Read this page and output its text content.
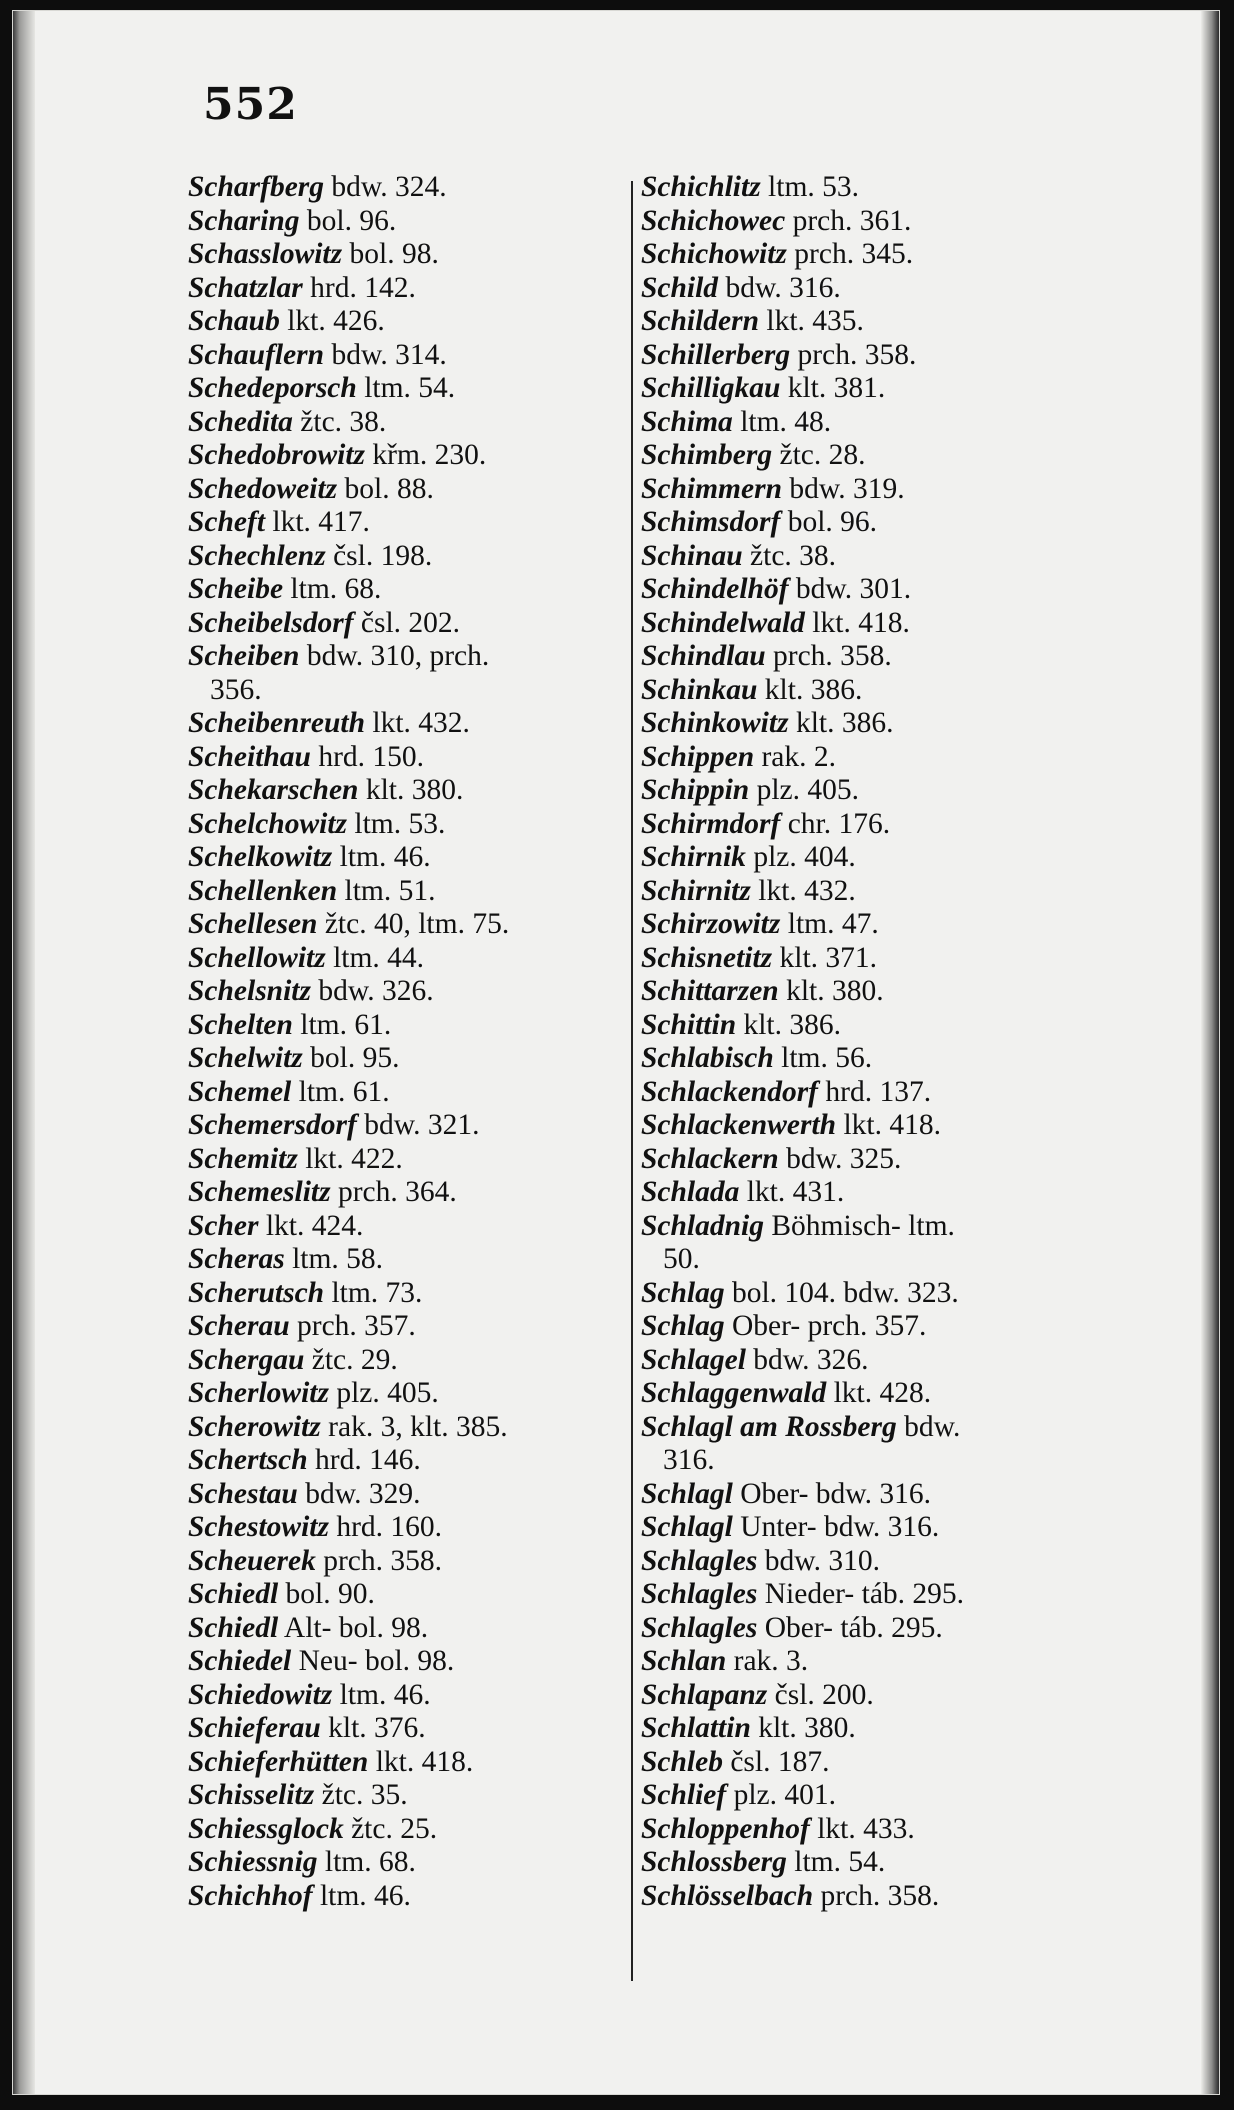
552
Scharfberg bdw. 324.
Scharing bol. 96.
Schasslowitz bol. 98.
Schatzlar hrd. 142.
Schaub lkt. 426.
Schauflern bdw. 314.
Schedeporsch ltm. 54.
Schedita žtc. 38.
Schedobrowitz křm. 230.
Schedoweitz bol. 88.
Scheft lkt. 417.
Schechlenz čsl. 198.
Scheibe ltm. 68.
Scheibelsdorf čsl. 202.
Scheiben bdw. 310, prch.
356.
Scheibenreuth lkt. 432.
Scheithau hrd. 150.
Schekarschen klt. 380.
Schelchowitz ltm. 53.
Schelkowitz ltm. 46.
Schellenken ltm. 51.
Schellesen žtc. 40, ltm. 75.
Schellowitz ltm. 44.
Schelsnitz bdw. 326.
Schelten ltm. 61.
Schelwitz bol. 95.
Schemel ltm. 61.
Schemersdorf bdw. 321.
Schemitz lkt. 422.
Schemeslitz prch. 364.
Scher lkt. 424.
Scheras ltm. 58.
Scherutsch ltm. 73.
Scherau prch. 357.
Schergau žtc. 29.
Scherlowitz plz. 405.
Scherowitz rak. 3, klt. 385.
Schertsch hrd. 146.
Schestau bdw. 329.
Schestowitz hrd. 160.
Scheuerek prch. 358.
Schiedl bol. 90.
Schiedl Alt- bol. 98.
Schiedel Neu- bol. 98.
Schiedowitz ltm. 46.
Schieferau klt. 376.
Schieferhütten lkt. 418.
Schisselitz žtc. 35.
Schiessglock žtc. 25.
Schiessnig ltm. 68.
Schichhof ltm. 46.
Schichlitz ltm. 53.
Schichowec prch. 361.
Schichowitz prch. 345.
Schild bdw. 316.
Schildern lkt. 435.
Schillerberg prch. 358.
Schilligkau klt. 381.
Schima ltm. 48.
Schimberg žtc. 28.
Schimmern bdw. 319.
Schimsdorf bol. 96.
Schinau žtc. 38.
Schindelhöf bdw. 301.
Schindelwald lkt. 418.
Schindlau prch. 358.
Schinkau klt. 386.
Schinkowitz klt. 386.
Schippen rak. 2.
Schippin plz. 405.
Schirmdorf chr. 176.
Schirnik plz. 404.
Schirnitz lkt. 432.
Schirzowitz ltm. 47.
Schisnetitz klt. 371.
Schittarzen klt. 380.
Schittin klt. 386.
Schlabisch ltm. 56.
Schlackendorf hrd. 137.
Schlackenwerth lkt. 418.
Schlackern bdw. 325.
Schlada lkt. 431.
Schladnig Böhmisch- ltm.
50.
Schlag bol. 104. bdw. 323.
Schlag Ober- prch. 357.
Schlagel bdw. 326.
Schlaggenwald lkt. 428.
Schlagl am Rossberg bdw.
316.
Schlagl Ober- bdw. 316.
Schlagl Unter- bdw. 316.
Schlagles bdw. 310.
Schlagles Nieder- táb. 295.
Schlagles Ober- táb. 295.
Schlan rak. 3.
Schlapanz čsl. 200.
Schlattin klt. 380.
Schleb čsl. 187.
Schlief plz. 401.
Schloppenhof lkt. 433.
Schlossberg ltm. 54.
Schlösselbach prch. 358.
